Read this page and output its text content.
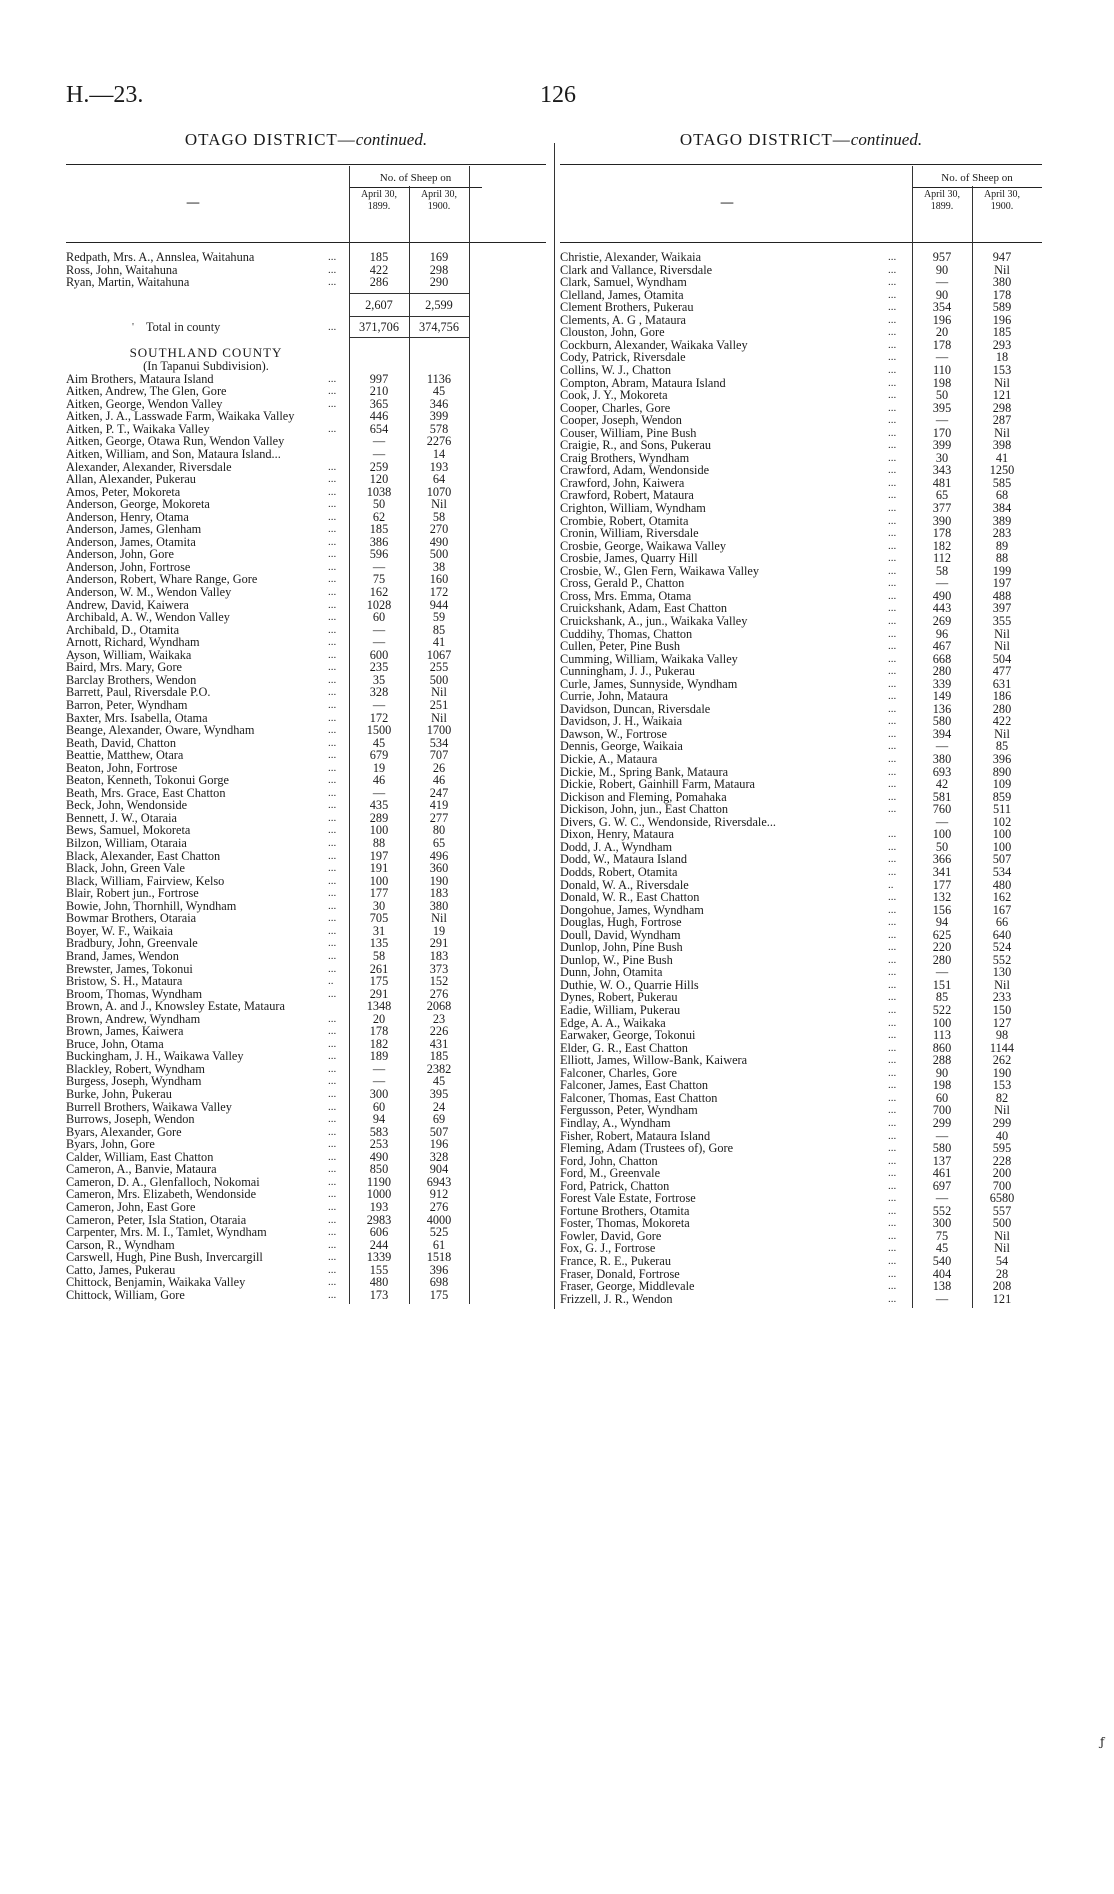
H.—23.	126
OTAGO DISTRICT—continued.
—
No. of Sheep on
April 30,
1899.
April 30,
1900.
Redpath, Mrs. A., Annslea, Waitahuna	...	185	169
Ross, John, Waitahuna	...	422	298
Ryan, Martin, Waitahuna	...	286	290
2,607	2,599
' Total in county	...	371,706	374,756
SOUTHLAND COUNTY
(In Tapanui Subdivision).
Aim Brothers, Mataura Island	...	997	1136
Aitken, Andrew, The Glen, Gore	...	210	45
Aitken, George, Wendon Valley	...	365	346
Aitken, J. A., Lasswade Farm, Waikaka Valley	446	399
Aitken, P. T., Waikaka Valley	...	654	578
Aitken, George, Otawa Run, Wendon Valley	—	2276
Aitken, William, and Son, Mataura Island...	—	14
Alexander, Alexander, Riversdale	...	259	193
Allan, Alexander, Pukerau	...	120	64
Amos, Peter, Mokoreta	...	1038	1070
Anderson, George, Mokoreta	...	50	Nil
Anderson, Henry, Otama	...	62	58
Anderson, James, Glenham	...	185	270
Anderson, James, Otamita	...	386	490
Anderson, John, Gore	...	596	500
Anderson, John, Fortrose	...	—	38
Anderson, Robert, Whare Range, Gore	...	75	160
Anderson, W. M., Wendon Valley	...	162	172
Andrew, David, Kaiwera	...	1028	944
Archibald, A. W., Wendon Valley	...	60	59
Archibald, D., Otamita	...	—	85
Arnott, Richard, Wyndham	...	—	41
Ayson, William, Waikaka	...	600	1067
Baird, Mrs. Mary, Gore	...	235	255
Barclay Brothers, Wendon	...	35	500
Barrett, Paul, Riversdale P.O.	...	328	Nil
Barron, Peter, Wyndham	...	—	251
Baxter, Mrs. Isabella, Otama	...	172	Nil
Beange, Alexander, Oware, Wyndham	...	1500	1700
Beath, David, Chatton	...	45	534
Beattie, Matthew, Otara	...	679	707
Beaton, John, Fortrose	...	19	26
Beaton, Kenneth, Tokonui Gorge	...	46	46
Beath, Mrs. Grace, East Chatton	...	—	247
Beck, John, Wendonside	...	435	419
Bennett, J. W., Otaraia	...	289	277
Bews, Samuel, Mokoreta	...	100	80
Bilzon, William, Otaraia	...	88	65
Black, Alexander, East Chatton	...	197	496
Black, John, Green Vale	...	191	360
Black, William, Fairview, Kelso	...	100	190
Blair, Robert jun., Fortrose	...	177	183
Bowie, John, Thornhill, Wyndham	...	30	380
Bowmar Brothers, Otaraia	...	705	Nil
Boyer, W. F., Waikaia	...	31	19
Bradbury, John, Greenvale	...	135	291
Brand, James, Wendon	...	58	183
Brewster, James, Tokonui	...	261	373
Bristow, S. H., Mataura	..	175	152
Broom, Thomas, Wyndham	...	291	276
Brown, A. and J., Knowsley Estate, Mataura	1348	2068
Brown, Andrew, Wyndham	...	20	23
Brown, James, Kaiwera	...	178	226
Bruce, John, Otama	...	182	431
Buckingham, J. H., Waikawa Valley	...	189	185
Blackley, Robert, Wyndham	...	—	2382
Burgess, Joseph, Wyndham	...	—	45
Burke, John, Pukerau	...	300	395
Burrell Brothers, Waikawa Valley	...	60	24
Burrows, Joseph, Wendon	...	94	69
Byars, Alexander, Gore	...	583	507
Byars, John, Gore	...	253	196
Calder, William, East Chatton	...	490	328
Cameron, A., Banvie, Mataura	...	850	904
Cameron, D. A., Glenfalloch, Nokomai	...	1190	6943
Cameron, Mrs. Elizabeth, Wendonside	...	1000	912
Cameron, John, East Gore	...	193	276
Cameron, Peter, Isla Station, Otaraia	...	2983	4000
Carpenter, Mrs. M. I., Tamlet, Wyndham	...	606	525
Carson, R., Wyndham	...	244	61
Carswell, Hugh, Pine Bush, Invercargill	...	1339	1518
Catto, James, Pukerau	...	155	396
Chittock, Benjamin, Waikaka Valley	...	480	698
Chittock, William, Gore	...	173	175
OTAGO DISTRICT—continued.
—
No. of Sheep on
April 30,
1899.
April 30,
1900.
Christie, Alexander, Waikaia	...	957	947
Clark and Vallance, Riversdale	...	90	Nil
Clark, Samuel, Wyndham	...	—	380
Clelland, James, Otamita	...	90	178
Clement Brothers, Pukerau	...	354	589
Clements, A. G , Mataura	...	196	196
Clouston, John, Gore	...	20	185
Cockburn, Alexander, Waikaka Valley	...	178	293
Cody, Patrick, Riversdale	...	—	18
Collins, W. J., Chatton	...	110	153
Compton, Abram, Mataura Island	...	198	Nil
Cook, J. Y., Mokoreta	...	50	121
Cooper, Charles, Gore	...	395	298
Cooper, Joseph, Wendon	...	—	287
Couser, William, Pine Bush	...	170	Nil
Craigie, R., and Sons, Pukerau	...	399	398
Craig Brothers, Wyndham	...	30	41
Crawford, Adam, Wendonside	...	343	1250
Crawford, John, Kaiwera	...	481	585
Crawford, Robert, Mataura	...	65	68
Crighton, William, Wyndham	...	377	384
Crombie, Robert, Otamita	...	390	389
Cronin, William, Riversdale	...	178	283
Crosbie, George, Waikawa Valley	...	182	89
Crosbie, James, Quarry Hill	...	112	88
Crosbie, W., Glen Fern, Waikawa Valley	...	58	199
Cross, Gerald P., Chatton	...	—	197
Cross, Mrs. Emma, Otama	...	490	488
Cruickshank, Adam, East Chatton	...	443	397
Cruickshank, A., jun., Waikaka Valley	...	269	355
Cuddihy, Thomas, Chatton	...	96	Nil
Cullen, Peter, Pine Bush	...	467	Nil
Cumming, William, Waikaka Valley	...	668	504
Cunningham, J. J., Pukerau	...	280	477
Curle, James, Sunnyside, Wyndham	...	339	631
Currie, John, Mataura	...	149	186
Davidson, Duncan, Riversdale	...	136	280
Davidson, J. H., Waikaia	...	580	422
Dawson, W., Fortrose	...	394	Nil
Dennis, George, Waikaia	...	—	85
Dickie, A., Mataura	...	380	396
Dickie, M., Spring Bank, Mataura	...	693	890
Dickie, Robert, Gainhill Farm, Mataura	...	42	109
Dickison and Fleming, Pomahaka	...	581	859
Dickison, John, jun., East Chatton	...	760	511
Divers, G. W. C., Wendonside, Riversdale...	—	102
Dixon, Henry, Mataura	...	100	100
Dodd, J. A., Wyndham	...	50	100
Dodd, W., Mataura Island	...	366	507
Dodds, Robert, Otamita	...	341	534
Donald, W. A., Riversdale	..	177	480
Donald, W. R., East Chatton	...	132	162
Dongohue, James, Wyndham	...	156	167
Douglas, Hugh, Fortrose	...	94	66
Doull, David, Wyndham	...	625	640
Dunlop, John, Pine Bush	...	220	524
Dunlop, W., Pine Bush	...	280	552
Dunn, John, Otamita	...	—	130
Duthie, W. O., Quarrie Hills	...	151	Nil
Dynes, Robert, Pukerau	...	85	233
Eadie, William, Pukerau	...	522	150
Edge, A. A., Waikaka	...	100	127
Earwaker, George, Tokonui	...	113	98
Elder, G. R., East Chatton	...	860	1144
Elliott, James, Willow-Bank, Kaiwera	...	288	262
Falconer, Charles, Gore	...	90	190
Falconer, James, East Chatton	...	198	153
Falconer, Thomas, East Chatton	...	60	82
Fergusson, Peter, Wyndham	...	700	Nil
Findlay, A., Wyndham	...	299	299
Fisher, Robert, Mataura Island	...	—	40
Fleming, Adam (Trustees of), Gore	...	580	595
Ford, John, Chatton	...	137	228
Ford, M., Greenvale	...	461	200
Ford, Patrick, Chatton	...	697	700
Forest Vale Estate, Fortrose	...	—	6580
Fortune Brothers, Otamita	...	552	557
Foster, Thomas, Mokoreta	...	300	500
Fowler, David, Gore	...	75	Nil
Fox, G. J., Fortrose	...	45	Nil
France, R. E., Pukerau	...	540	54
Fraser, Donald, Fortrose	...	404	28
Fraser, George, Middlevale	...	138	208
Frizzell, J. R., Wendon	...	—	121
ƒ
